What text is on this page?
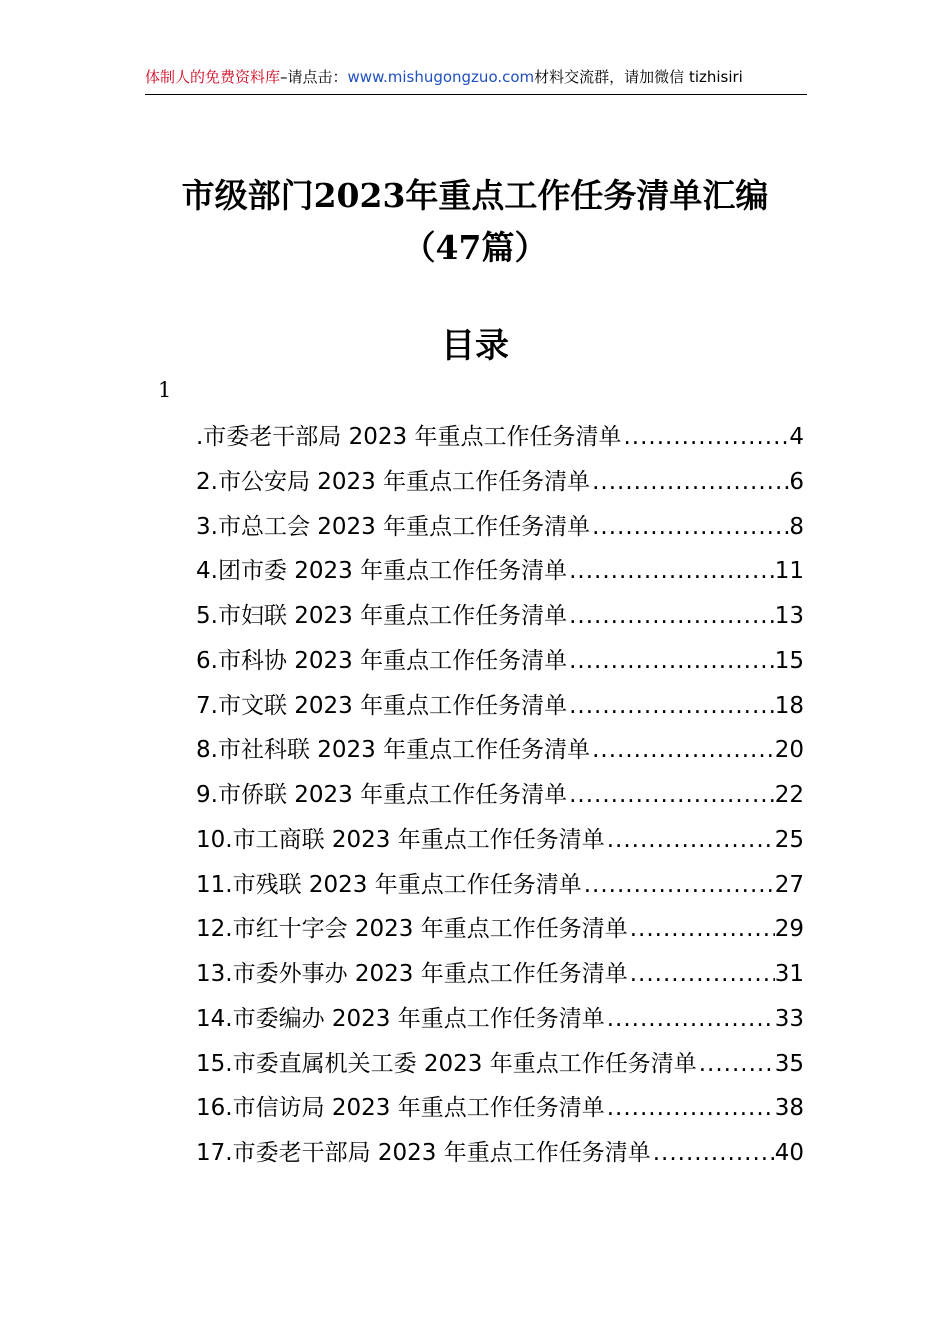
体制人的免费资料库–请点击：www.mishugongzuo.com材料交流群，请加微信 tizhisiri
市级部门2023年重点工作任务清单汇编
（47篇）
目录
1
.市委老干部局 2023 年重点工作任务清单 .....	4
2.市公安局 2023 年重点工作任务清单 .....	6
3.市总工会 2023 年重点工作任务清单 .....	8
4.团市委 2023 年重点工作任务清单 .....	11
5.市妇联 2023 年重点工作任务清单 .....	13
6.市科协 2023 年重点工作任务清单 .....	15
7.市文联 2023 年重点工作任务清单 .....	18
8.市社科联 2023 年重点工作任务清单 .....	20
9.市侨联 2023 年重点工作任务清单 .....	22
10.市工商联 2023 年重点工作任务清单 .....	25
11.市残联 2023 年重点工作任务清单 .....	27
12.市红十字会 2023 年重点工作任务清单 .....	29
13.市委外事办 2023 年重点工作任务清单 .....	31
14.市委编办 2023 年重点工作任务清单 .....	33
15.市委直属机关工委 2023 年重点工作任务清单 .....	35
16.市信访局 2023 年重点工作任务清单 .....	38
17.市委老干部局 2023 年重点工作任务清单 .....	40
